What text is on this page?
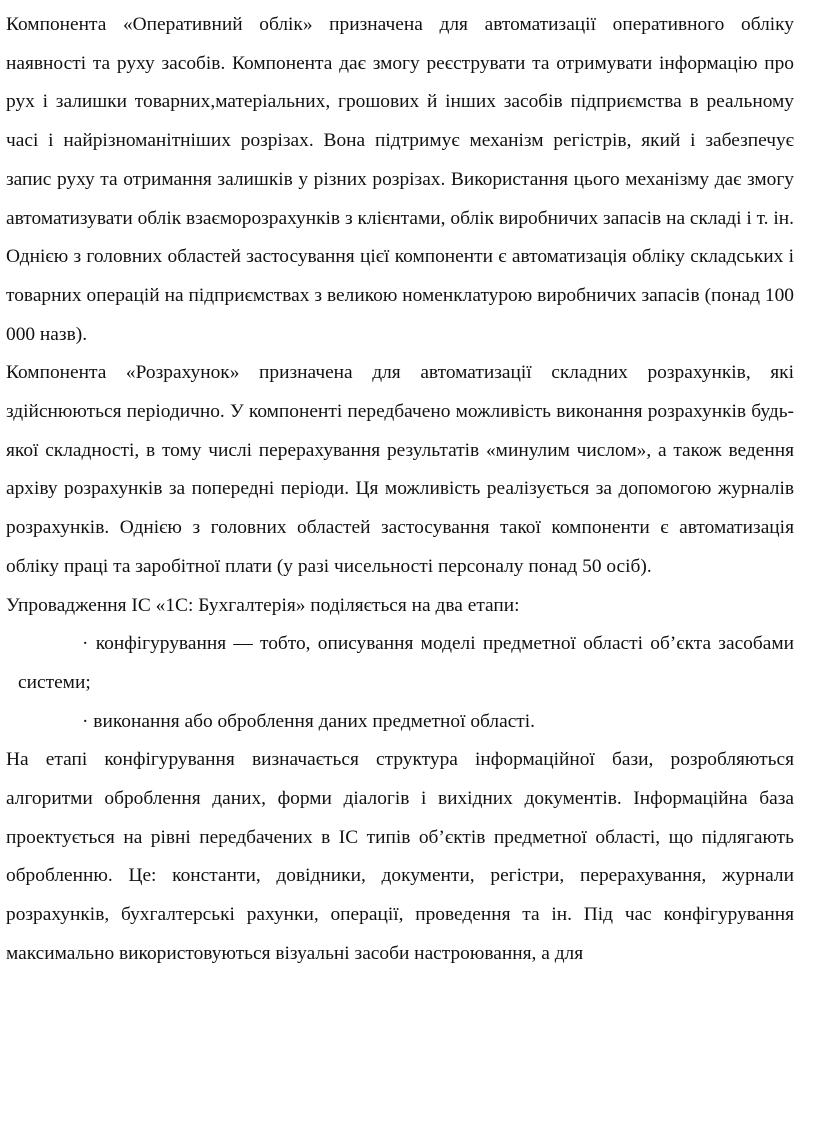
Компонента «Оперативний облік» призначена для автоматизації оперативного обліку наявності та руху засобів. Компонента дає змогу реєструвати та отримувати інформацію про рух і залишки товарних,матеріальних, грошових й інших засобів підприємства в реальному часі і найрізноманітніших розрізах. Вона підтримує механізм регістрів, який і забезпечує запис руху та отримання залишків у різних розрізах. Використання цього механізму дає змогу автоматизувати облік взаєморозрахунків з клієнтами, облік виробничих запасів на складі і т. ін. Однією з головних областей застосування цієї компоненти є автоматизація обліку складських і товарних операцій на підприємствах з великою номенклатурою виробничих запасів (понад 100 000 назв).

Компонента «Розрахунок» призначена для автоматизації складних розрахунків, які здійснюються періодично. У компоненті передбачено можливість виконання розрахунків будь-якої складності, в тому числі перерахування результатів «минулим числом», а також ведення архіву розрахунків за попередні періоди. Ця можливість реалізується за допомогою журналів розрахунків. Однією з головних областей застосування такої компоненти є автоматизація обліку праці та заробітної плати (у разі чисельності персоналу понад 50 осіб).

Упровадження ІС «1С: Бухгалтерія» поділяється на два етапи:

· конфігурування — тобто, описування моделі предметної області об’єкта засобами системи;

· виконання або оброблення даних предметної області.

На етапі конфігурування визначається структура інформаційної бази, розробляються алгоритми оброблення даних, форми діалогів і вихідних документів. Інформаційна база проектується на рівні передбачених в ІС типів об’єктів предметної області, що підлягають обробленню. Це: константи, довідники, документи, регістри, перерахування, журнали розрахунків, бухгалтерські рахунки, операції, проведення та ін. Під час конфігурування максимально використовуються візуальні засоби настроювання, а для
